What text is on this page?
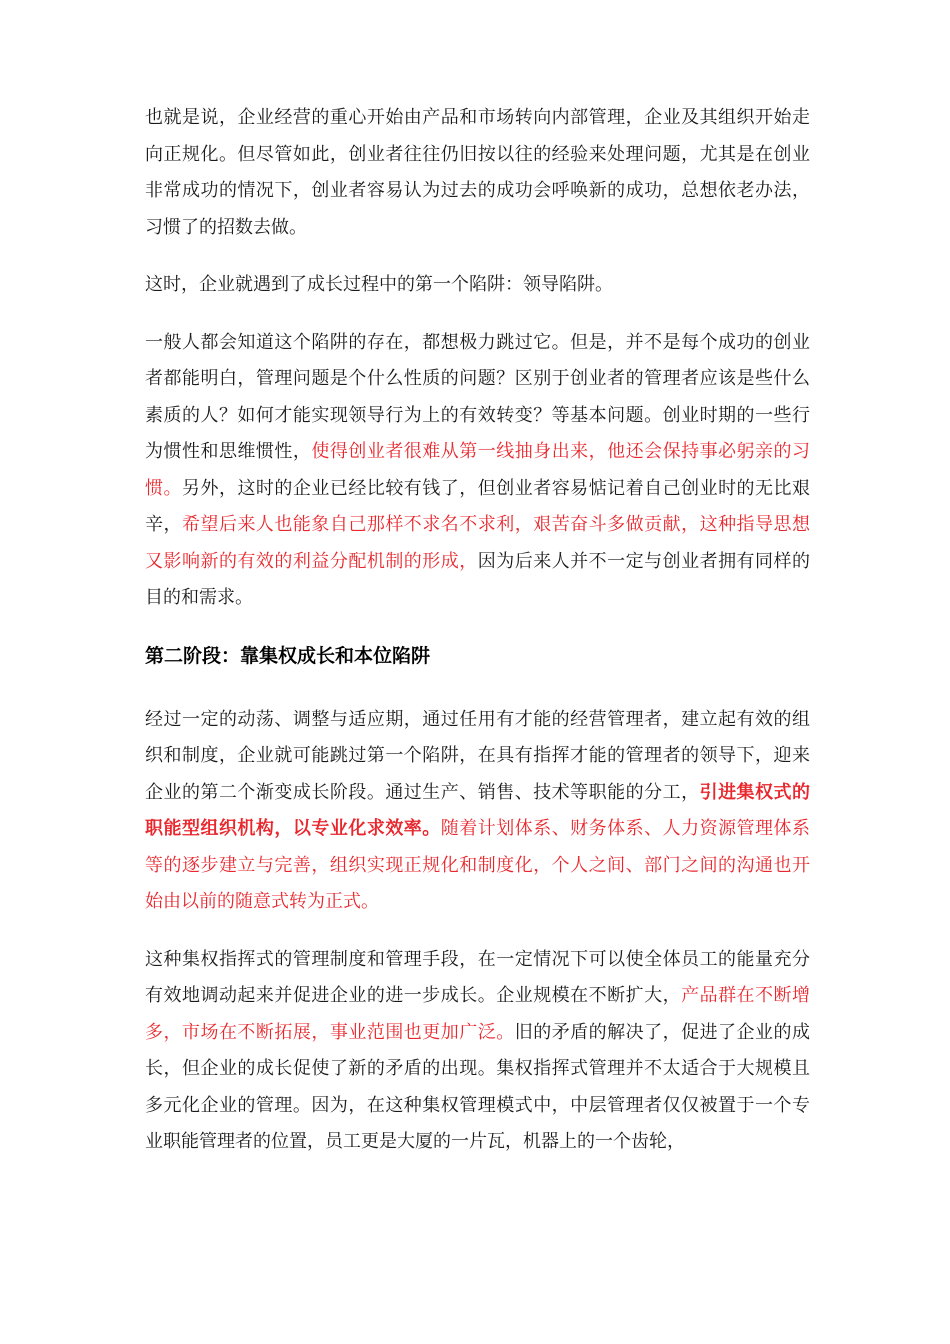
也就是说，企业经营的重心开始由产品和市场转向内部管理，企业及其组织开始走向正规化。但尽管如此，创业者往往仍旧按以往的经验来处理问题，尤其是在创业非常成功的情况下，创业者容易认为过去的成功会呼唤新的成功，总想依老办法，习惯了的招数去做。

这时，企业就遇到了成长过程中的第一个陷阱：领导陷阱。

一般人都会知道这个陷阱的存在，都想极力跳过它。但是，并不是每个成功的创业者都能明白，管理问题是个什么性质的问题？区别于创业者的管理者应该是些什么素质的人？如何才能实现领导行为上的有效转变？等基本问题。创业时期的一些行为惯性和思维惯性，使得创业者很难从第一线抽身出来，他还会保持事必躬亲的习惯。另外，这时的企业已经比较有钱了，但创业者容易惦记着自己创业时的无比艰辛，希望后来人也能象自己那样不求名不求利，艰苦奋斗多做贡献，这种指导思想又影响新的有效的利益分配机制的形成，因为后来人并不一定与创业者拥有同样的目的和需求。

第二阶段：靠集权成长和本位陷阱

经过一定的动荡、调整与适应期，通过任用有才能的经营管理者，建立起有效的组织和制度，企业就可能跳过第一个陷阱，在具有指挥才能的管理者的领导下，迎来企业的第二个渐变成长阶段。通过生产、销售、技术等职能的分工，引进集权式的职能型组织机构，以专业化求效率。随着计划体系、财务体系、人力资源管理体系等的逐步建立与完善，组织实现正规化和制度化，个人之间、部门之间的沟通也开始由以前的随意式转为正式。

这种集权指挥式的管理制度和管理手段，在一定情况下可以使全体员工的能量充分有效地调动起来并促进企业的进一步成长。企业规模在不断扩大，产品群在不断增多，市场在不断拓展，事业范围也更加广泛。旧的矛盾的解决了，促进了企业的成长，但企业的成长促使了新的矛盾的出现。集权指挥式管理并不太适合于大规模且多元化企业的管理。因为，在这种集权管理模式中，中层管理者仅仅被置于一个专业职能管理者的位置，员工更是大厦的一片瓦，机器上的一个齿轮，
